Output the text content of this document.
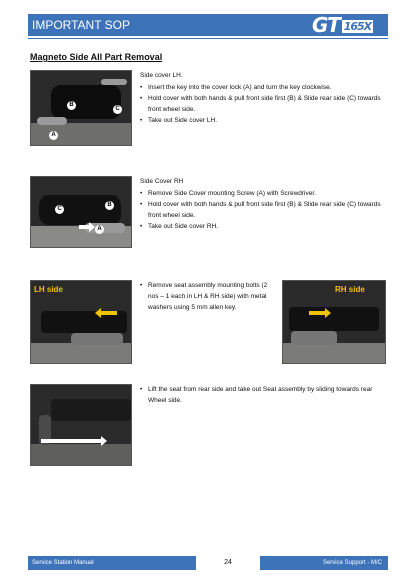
IMPORTANT SOP	GT 165X
Magneto Side All Part Removal
B
C
A
Side cover LH.
• Insert the key into the cover lock (A) and turn the key clockwise.
• Hold cover with both hands & pull front side first (B) & Slide rear side (C) towards front wheel side.
• Take out Side cover LH.
C
B
A
Side Cover RH
• Remove Side Cover mounting Screw (A) with Screwdriver.
• Hold cover with both hands & pull front side first (B) & Slide rear side (C) towards front wheel side.
• Take out Side cover RH.
LH side
•	Remove seat assembly mounting bolts (2 nos – 1 each in LH & RH side) with metal washers using 5 mm allen key.
RH side
• Lift the seat from rear side and take out Seat assembly by sliding towards rear Wheel side.
Service Station Manual	24	Service Support - M/C
